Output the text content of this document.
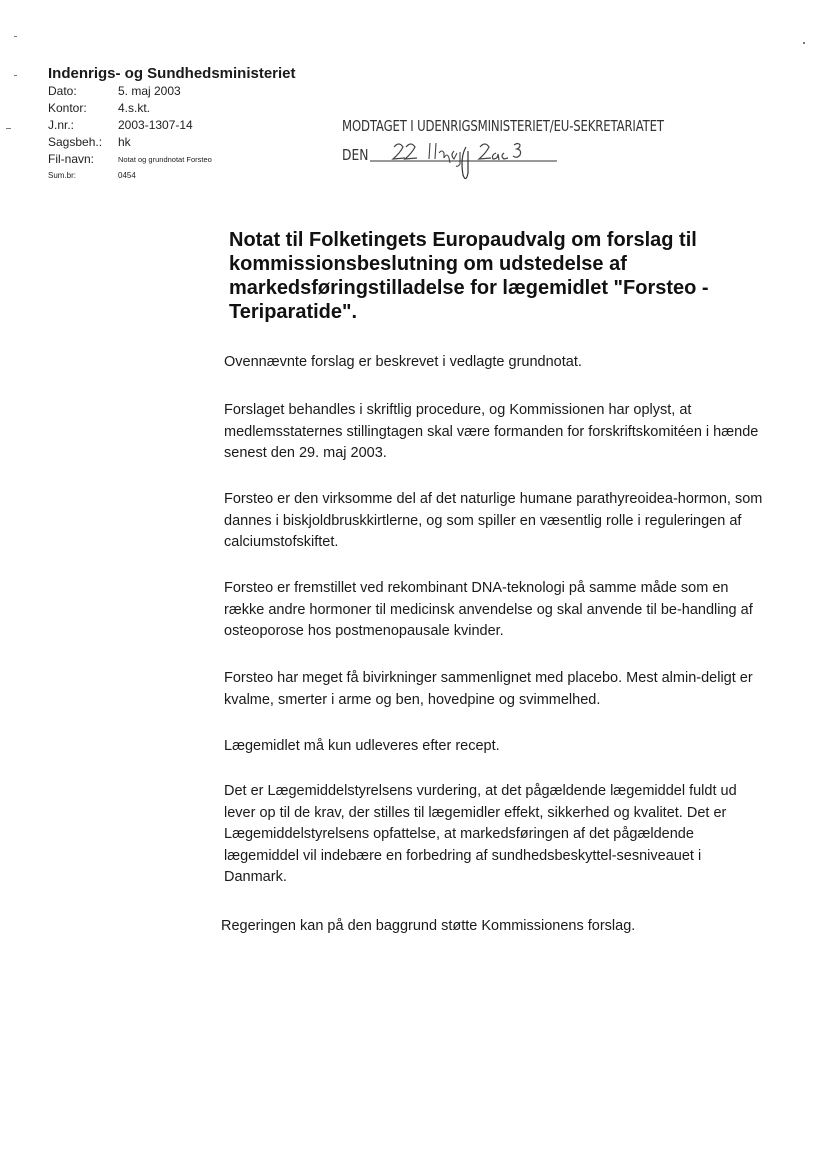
Indenrigs- og Sundhedsministeriet
Dato:	5. maj 2003
Kontor:	4.s.kt.
J.nr.:	2003-1307-14
Sagsbeh.: hk
Fil-navn:	Notat og grundnotat Forsteo
Sum.br:	0454
MODTAGET I UDENRIGSMINISTERIET/EU-SEKRETARIATET
DEN
Notat til Folketingets Europaudvalg om forslag til kommissionsbeslutning om udstedelse af markedsføringstilladelse for lægemidlet "Forsteo - Teriparatide".
Ovennævnte forslag er beskrevet i vedlagte grundnotat.
Forslaget behandles i skriftlig procedure, og Kommissionen har oplyst, at medlemsstaternes stillingtagen skal være formanden for forskriftskomitéen i hænde senest den 29. maj 2003.
Forsteo er den virksomme del af det naturlige humane parathyreoidea-hormon, som dannes i biskjoldbruskkirtlerne, og som spiller en væsentlig rolle i reguleringen af calciumstofskiftet.
Forsteo er fremstillet ved rekombinant DNA-teknologi på samme måde som en række andre hormoner til medicinsk anvendelse og skal anvende til be-handling af osteoporose hos postmenopausale kvinder.
Forsteo har meget få bivirkninger sammenlignet med placebo. Mest almin-deligt er kvalme, smerter i arme og ben, hovedpine og svimmelhed.
Lægemidlet må kun udleveres efter recept.
Det er Lægemiddelstyrelsens vurdering, at det pågældende lægemiddel fuldt ud lever op til de krav, der stilles til lægemidler effekt, sikkerhed og kvalitet. Det er Lægemiddelstyrelsens opfattelse, at markedsføringen af det pågældende lægemiddel vil indebære en forbedring af sundhedsbeskyttel-sesniveauet i Danmark.
Regeringen kan på den baggrund støtte Kommissionens forslag.
